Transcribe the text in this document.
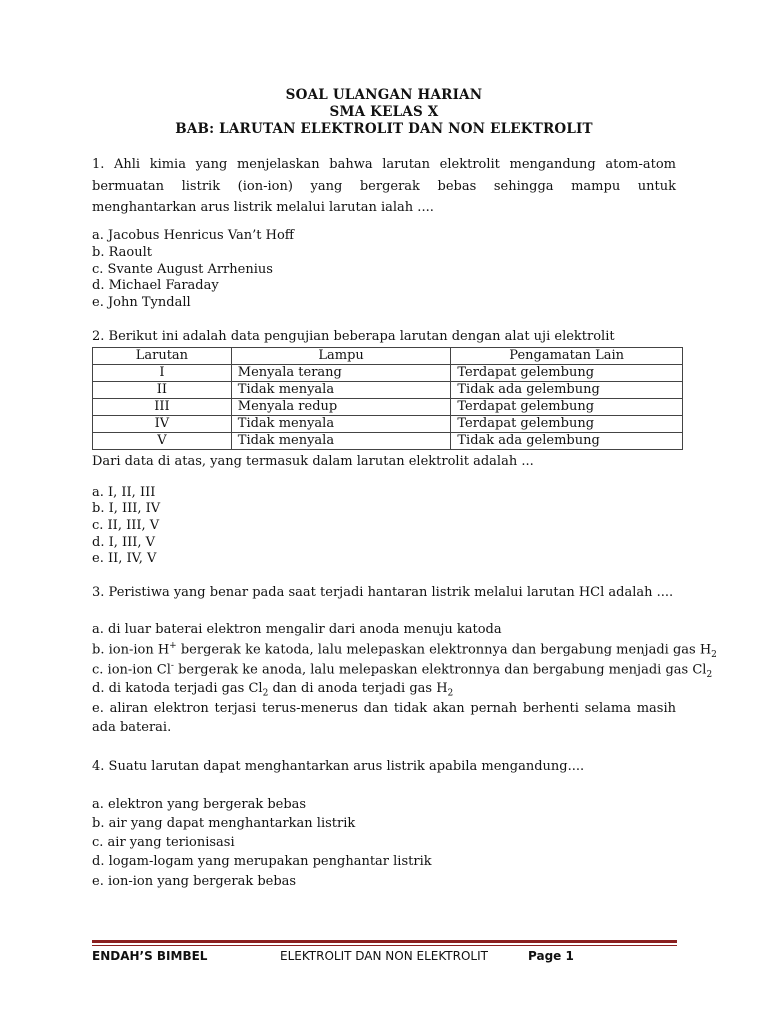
SOAL ULANGAN HARIAN
SMA KELAS X
BAB: LARUTAN ELEKTROLIT DAN NON ELEKTROLIT
1. Ahli kimia yang menjelaskan bahwa larutan elektrolit mengandung atom-atom bermuatan listrik (ion-ion) yang bergerak bebas sehingga mampu untuk menghantarkan arus listrik melalui larutan ialah ....
a. Jacobus Henricus Van’t Hoff
b. Raoult
c. Svante August Arrhenius
d. Michael Faraday
e. John Tyndall
2. Berikut ini adalah data pengujian beberapa larutan dengan alat uji elektrolit
Larutan	Lampu	Pengamatan Lain
I	Menyala terang	Terdapat gelembung
II	Tidak menyala	Tidak ada gelembung
III	Menyala redup	Terdapat gelembung
IV	Tidak menyala	Terdapat gelembung
V	Tidak menyala	Tidak ada gelembung
Dari data di atas, yang termasuk dalam larutan elektrolit adalah ...
a. I, II, III
b. I, III, IV
c. II, III, V
d. I, III, V
e. II, IV, V
3. Peristiwa yang benar pada saat terjadi hantaran listrik melalui larutan HCl adalah ....
a. di luar baterai elektron mengalir dari anoda menuju katoda
b. ion-ion H+ bergerak ke katoda, lalu melepaskan elektronnya dan bergabung menjadi gas $H_2$
c. ion-ion Cl- bergerak ke anoda, lalu melepaskan elektronnya dan bergabung menjadi gas $Cl_2$
d. di katoda terjadi gas $Cl_2$ dan di anoda terjadi gas $H_2$
e. aliran elektron terjasi terus-menerus dan tidak akan pernah berhenti selama masih ada baterai.
4. Suatu larutan dapat menghantarkan arus listrik apabila mengandung....
a. elektron yang bergerak bebas
b. air yang dapat menghantarkan listrik
c. air yang terionisasi
d. logam-logam yang merupakan penghantar listrik
e. ion-ion yang bergerak bebas
ENDAH’S BIMBEL	ELEKTROLIT DAN NON ELEKTROLIT	Page 1
